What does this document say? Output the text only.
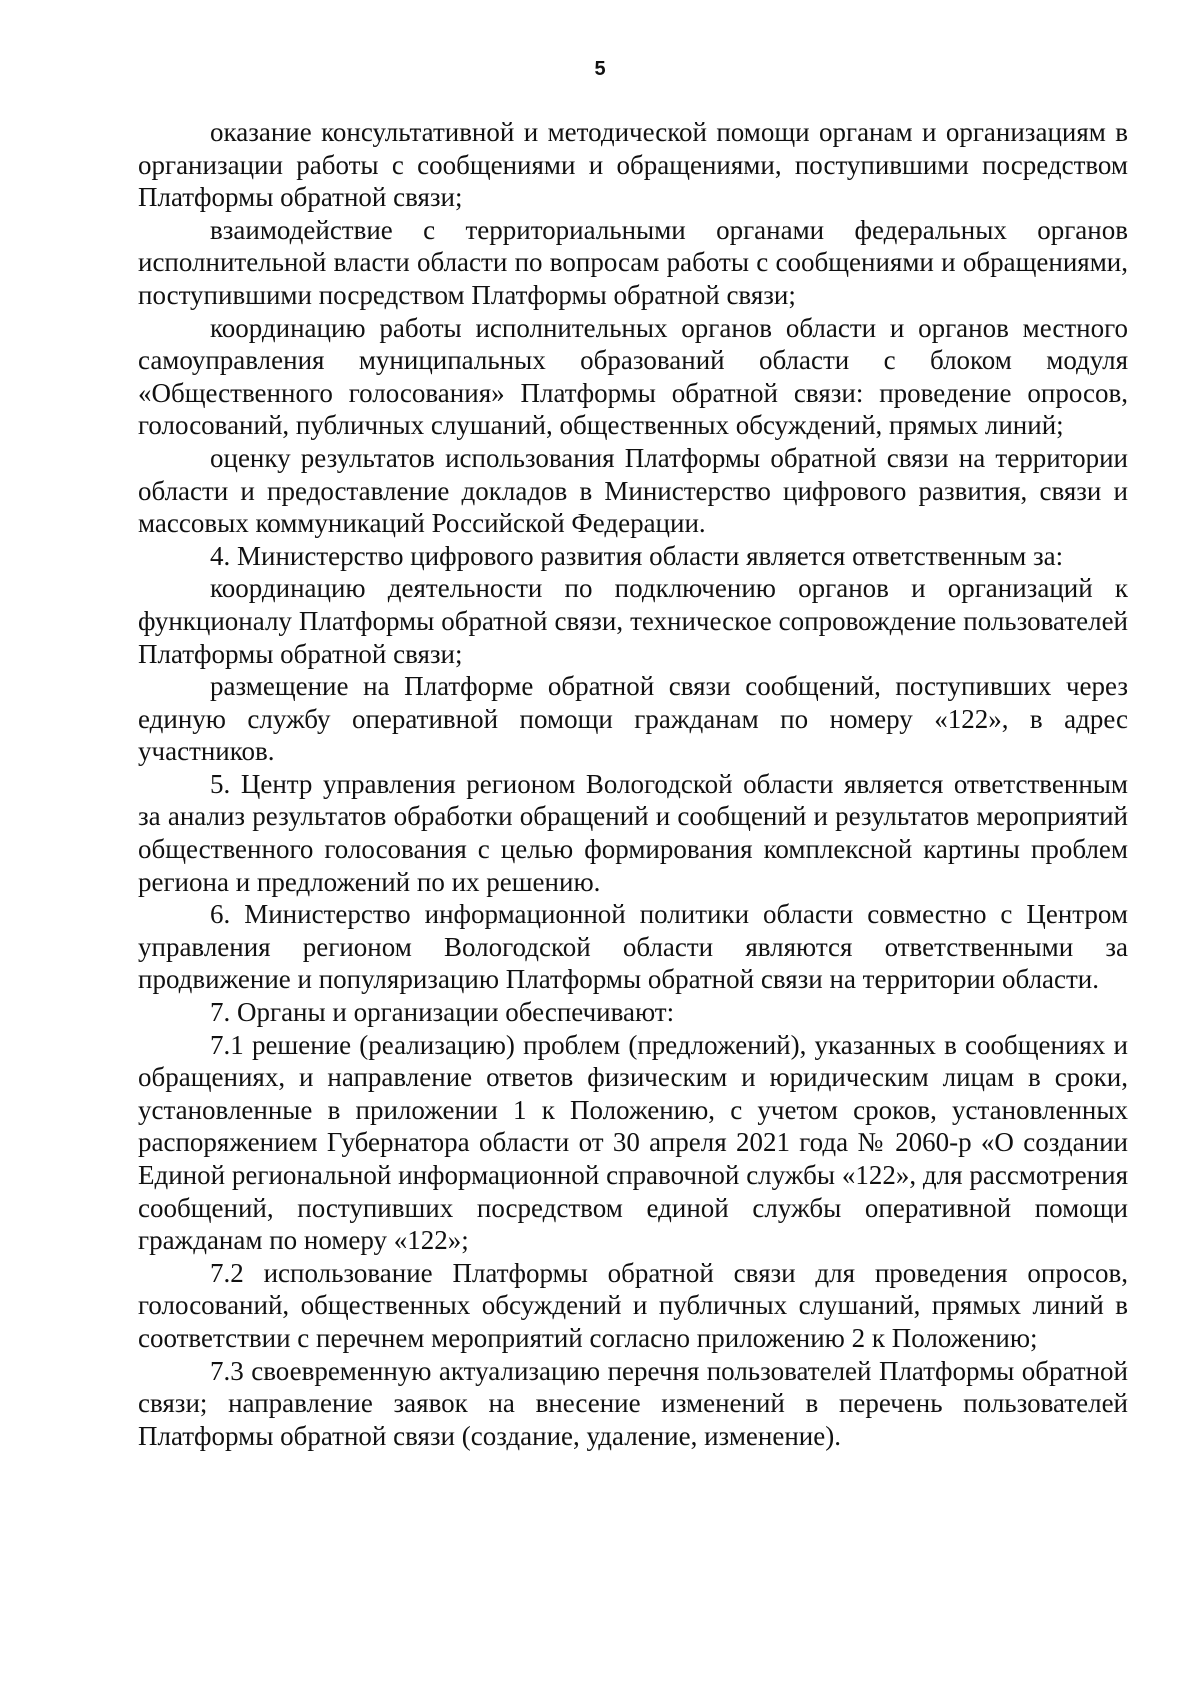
5

оказание консультативной и методической помощи органам и организациям в организации работы с сообщениями и обращениями, поступившими посредством Платформы обратной связи;

взаимодействие с территориальными органами федеральных органов исполнительной власти области по вопросам работы с сообщениями и обращениями, поступившими посредством Платформы обратной связи;

координацию работы исполнительных органов области и органов местного самоуправления муниципальных образований области с блоком модуля «Общественного голосования» Платформы обратной связи: проведение опросов, голосований, публичных слушаний, общественных обсуждений, прямых линий;

оценку результатов использования Платформы обратной связи на территории области и предоставление докладов в Министерство цифрового развития, связи и массовых коммуникаций Российской Федерации.

4. Министерство цифрового развития области является ответственным за:

координацию деятельности по подключению органов и организаций к функционалу Платформы обратной связи, техническое сопровождение пользователей Платформы обратной связи;

размещение на Платформе обратной связи сообщений, поступивших через единую службу оперативной помощи гражданам по номеру «122», в адрес участников.

5. Центр управления регионом Вологодской области является ответственным за анализ результатов обработки обращений и сообщений и результатов мероприятий общественного голосования с целью формирования комплексной картины проблем региона и предложений по их решению.

6. Министерство информационной политики области совместно с Центром управления регионом Вологодской области являются ответственными за продвижение и популяризацию Платформы обратной связи на территории области.

7. Органы и организации обеспечивают:

7.1 решение (реализацию) проблем (предложений), указанных в сообщениях и обращениях, и направление ответов физическим и юридическим лицам в сроки, установленные в приложении 1 к Положению, с учетом сроков, установленных распоряжением Губернатора области от 30 апреля 2021 года № 2060-р «О создании Единой региональной информационной справочной службы «122», для рассмотрения сообщений, поступивших посредством единой службы оперативной помощи гражданам по номеру «122»;

7.2 использование Платформы обратной связи для проведения опросов, голосований, общественных обсуждений и публичных слушаний, прямых линий в соответствии с перечнем мероприятий согласно приложению 2 к Положению;

7.3 своевременную актуализацию перечня пользователей Платформы обратной связи; направление заявок на внесение изменений в перечень пользователей Платформы обратной связи (создание, удаление, изменение).
